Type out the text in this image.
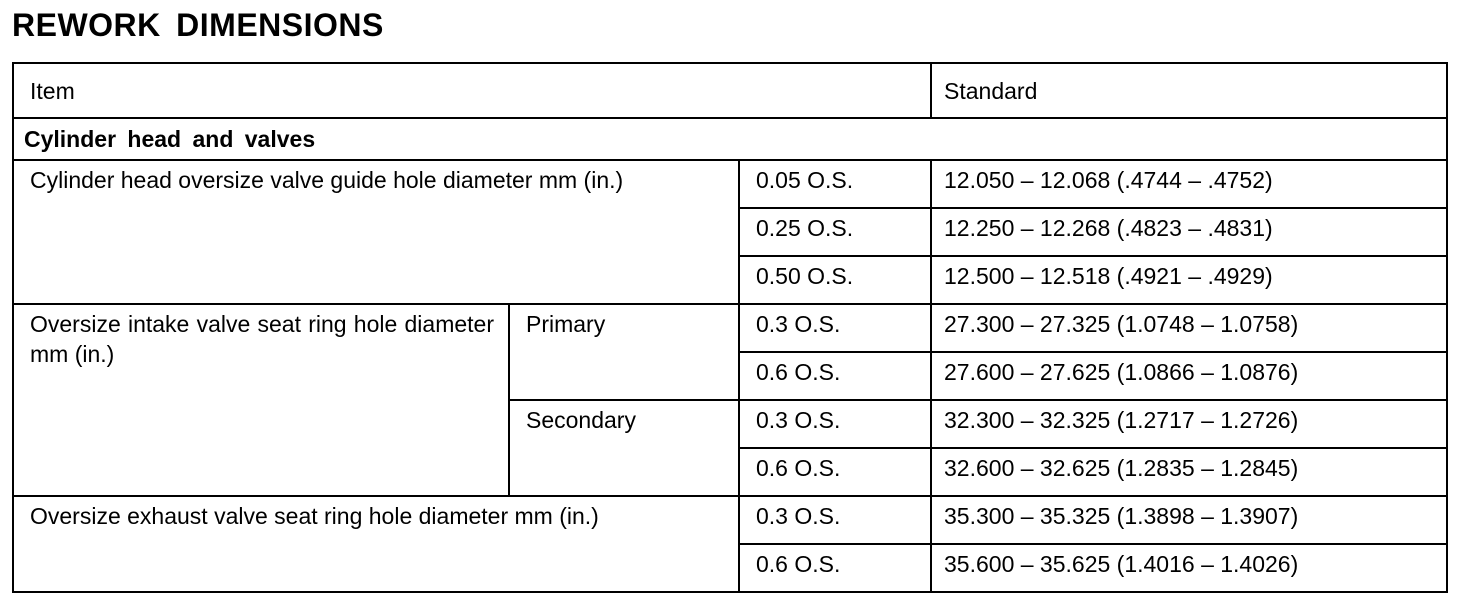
REWORK DIMENSIONS
Item			Standard
Cylinder head and valves			
Cylinder head oversize valve guide hole diameter mm (in.)		0.05 O.S.	12.050 – 12.068 (.4744 – .4752)
		0.25 O.S.	12.250 – 12.268 (.4823 – .4831)
		0.50 O.S.	12.500 – 12.518 (.4921 – .4929)
Oversize intake valve seat ring hole diameter mm (in.)	Primary	0.3 O.S.	27.300 – 27.325 (1.0748 – 1.0758)
		0.6 O.S.	27.600 – 27.625 (1.0866 – 1.0876)
	Secondary	0.3 O.S.	32.300 – 32.325 (1.2717 – 1.2726)
		0.6 O.S.	32.600 – 32.625 (1.2835 – 1.2845)
Oversize exhaust valve seat ring hole diameter mm (in.)		0.3 O.S.	35.300 – 35.325 (1.3898 – 1.3907)
		0.6 O.S.	35.600 – 35.625 (1.4016 – 1.4026)
